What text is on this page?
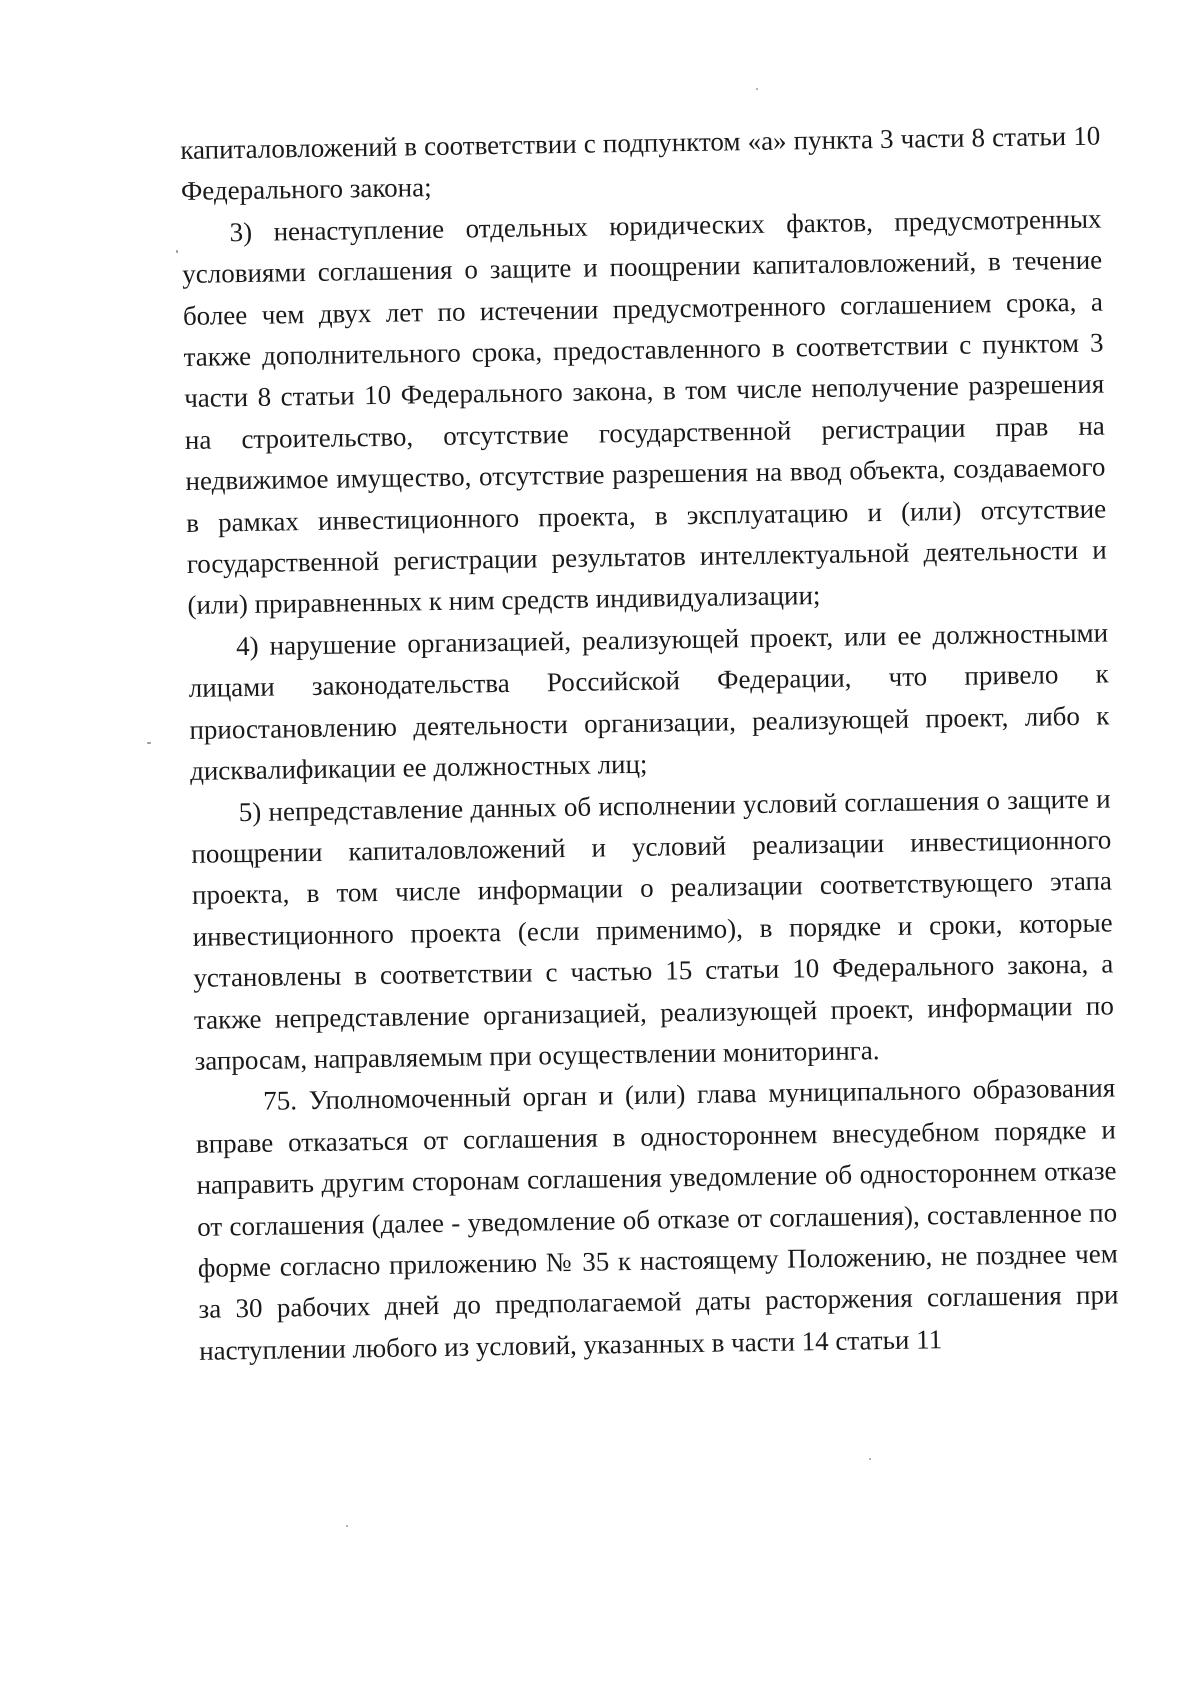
капиталовложений в соответствии с подпунктом «а» пункта 3 части 8 статьи 10 Федерального закона;

3) ненаступление отдельных юридических фактов, предусмотренных условиями соглашения о защите и поощрении капиталовложений, в течение более чем двух лет по истечении предусмотренного соглашением срока, а также дополнительного срока, предоставленного в соответствии с пунктом 3 части 8 статьи 10 Федерального закона, в том числе неполучение разрешения на строительство, отсутствие государственной регистрации прав на недвижимое имущество, отсутствие разрешения на ввод объекта, создаваемого в рамках инвестиционного проекта, в эксплуатацию и (или) отсутствие государственной регистрации результатов интеллектуальной деятельности и (или) приравненных к ним средств индивидуализации;

4) нарушение организацией, реализующей проект, или ее должностными лицами законодательства Российской Федерации, что привело к приостановлению деятельности организации, реализующей проект, либо к дисквалификации ее должностных лиц;

5) непредставление данных об исполнении условий соглашения о защите и поощрении капиталовложений и условий реализации инвестиционного проекта, в том числе информации о реализации соответствующего этапа инвестиционного проекта (если применимо), в порядке и сроки, которые установлены в соответствии с частью 15 статьи 10 Федерального закона, а также непредставление организацией, реализующей проект, информации по запросам, направляемым при осуществлении мониторинга.

75. Уполномоченный орган и (или) глава муниципального образования вправе отказаться от соглашения в одностороннем внесудебном порядке и направить другим сторонам соглашения уведомление об одностороннем отказе от соглашения (далее - уведомление об отказе от соглашения), составленное по форме согласно приложению № 35 к настоящему Положению, не позднее чем за 30 рабочих дней до предполагаемой даты расторжения соглашения при наступлении любого из условий, указанных в части 14 статьи 11
